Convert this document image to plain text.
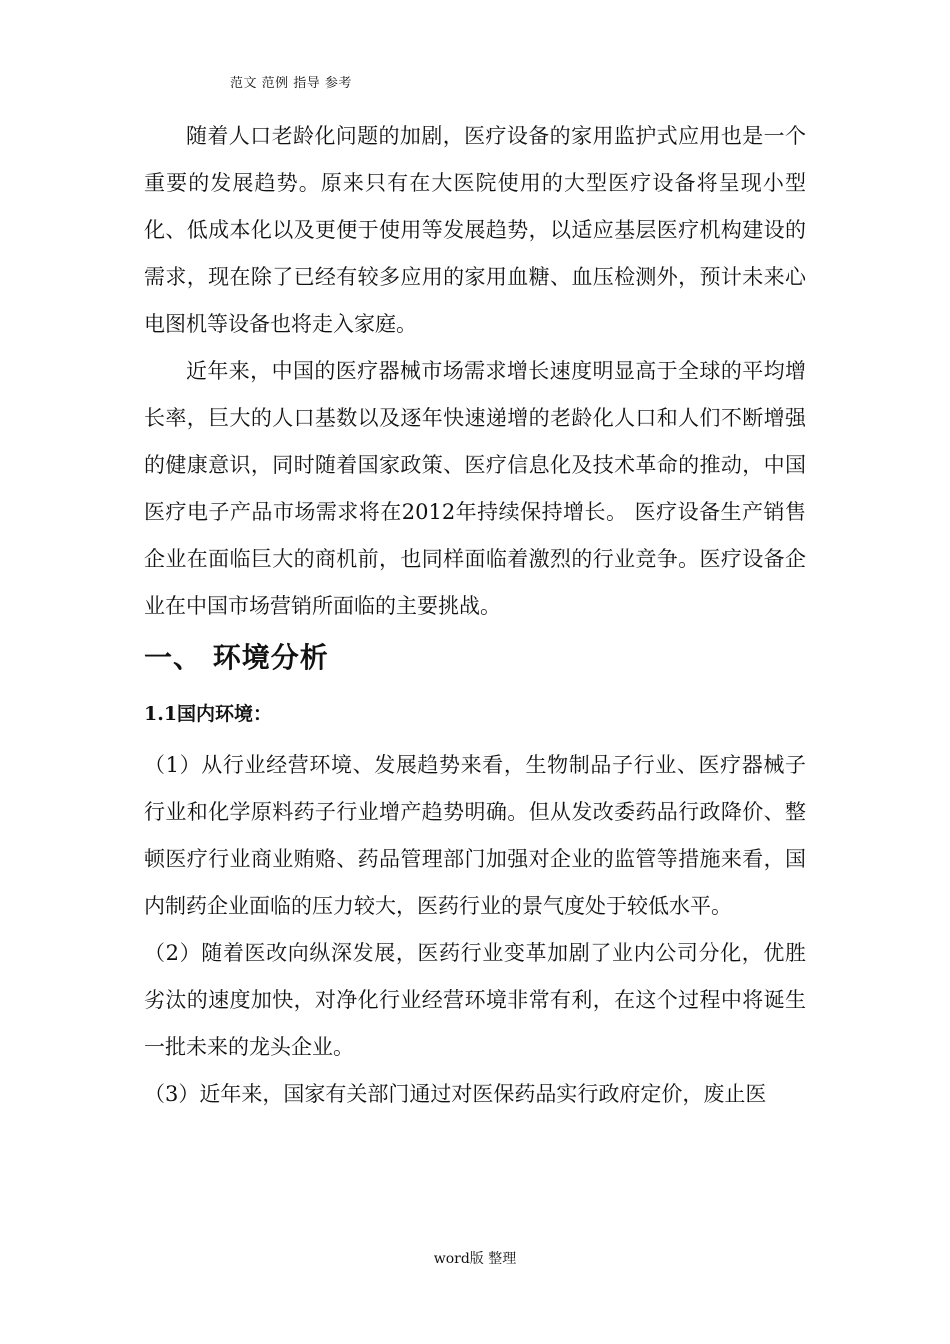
范文 范例 指导 参考

随着人口老龄化问题的加剧，医疗设备的家用监护式应用也是一个重要的发展趋势。原来只有在大医院使用的大型医疗设备将呈现小型化、低成本化以及更便于使用等发展趋势，以适应基层医疗机构建设的需求，现在除了已经有较多应用的家用血糖、血压检测外，预计未来心电图机等设备也将走入家庭。

近年来，中国的医疗器械市场需求增长速度明显高于全球的平均增长率，巨大的人口基数以及逐年快速递增的老龄化人口和人们不断增强的健康意识，同时随着国家政策、医疗信息化及技术革命的推动，中国医疗电子产品市场需求将在2012年持续保持增长。 医疗设备生产销售企业在面临巨大的商机前，也同样面临着激烈的行业竞争。医疗设备企业在中国市场营销所面临的主要挑战。

一、 环境分析
1.1国内环境：

（1）从行业经营环境、发展趋势来看，生物制品子行业、医疗器械子行业和化学原料药子行业增产趋势明确。但从发改委药品行政降价、整顿医疗行业商业贿赂、药品管理部门加强对企业的监管等措施来看，国内制药企业面临的压力较大，医药行业的景气度处于较低水平。

（2）随着医改向纵深发展，医药行业变革加剧了业内公司分化，优胜劣汰的速度加快，对净化行业经营环境非常有利，在这个过程中将诞生一批未来的龙头企业。

（3）近年来，国家有关部门通过对医保药品实行政府定价，废止医

word版 整理
